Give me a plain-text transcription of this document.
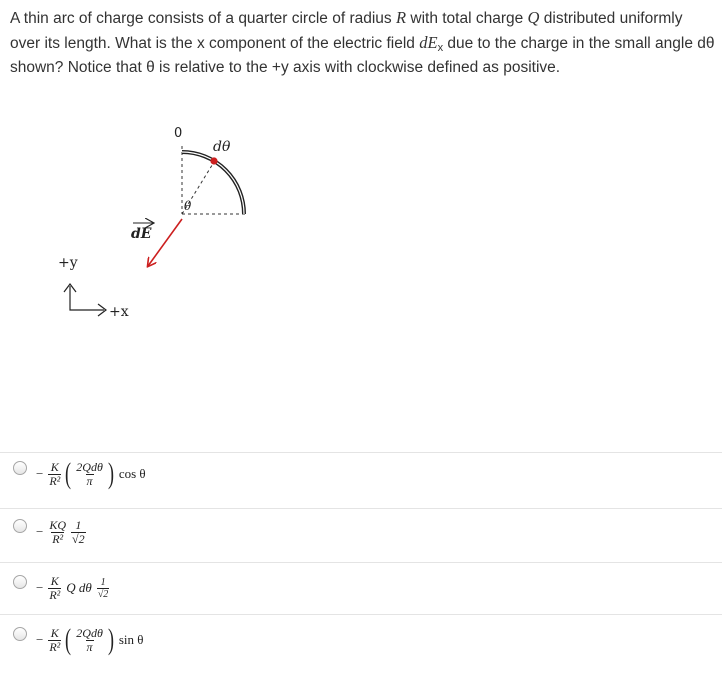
A thin arc of charge consists of a quarter circle of radius R with total charge Q distributed uniformly over its length. What is the x component of the electric field $dE_x$ due to the charge in the small angle dθ shown? Notice that θ is relative to the +y axis with clockwise defined as positive.

0
dθ
θ
dE
+y
+x
− $\frac{K}{\text{R²}}$ ( $\frac{\text{2Qdθ}}{\pi}$ ) cos θ
− $\frac{KQ}{\text{R²}} \frac{1}{√2}$
− $\frac{K}{\text{R²}}$ Q dθ $\frac{1}{√2}$
− $\frac{K}{\text{R²}}$ ( $\frac{\text{2Qdθ}}{\pi}$ ) sin θ
